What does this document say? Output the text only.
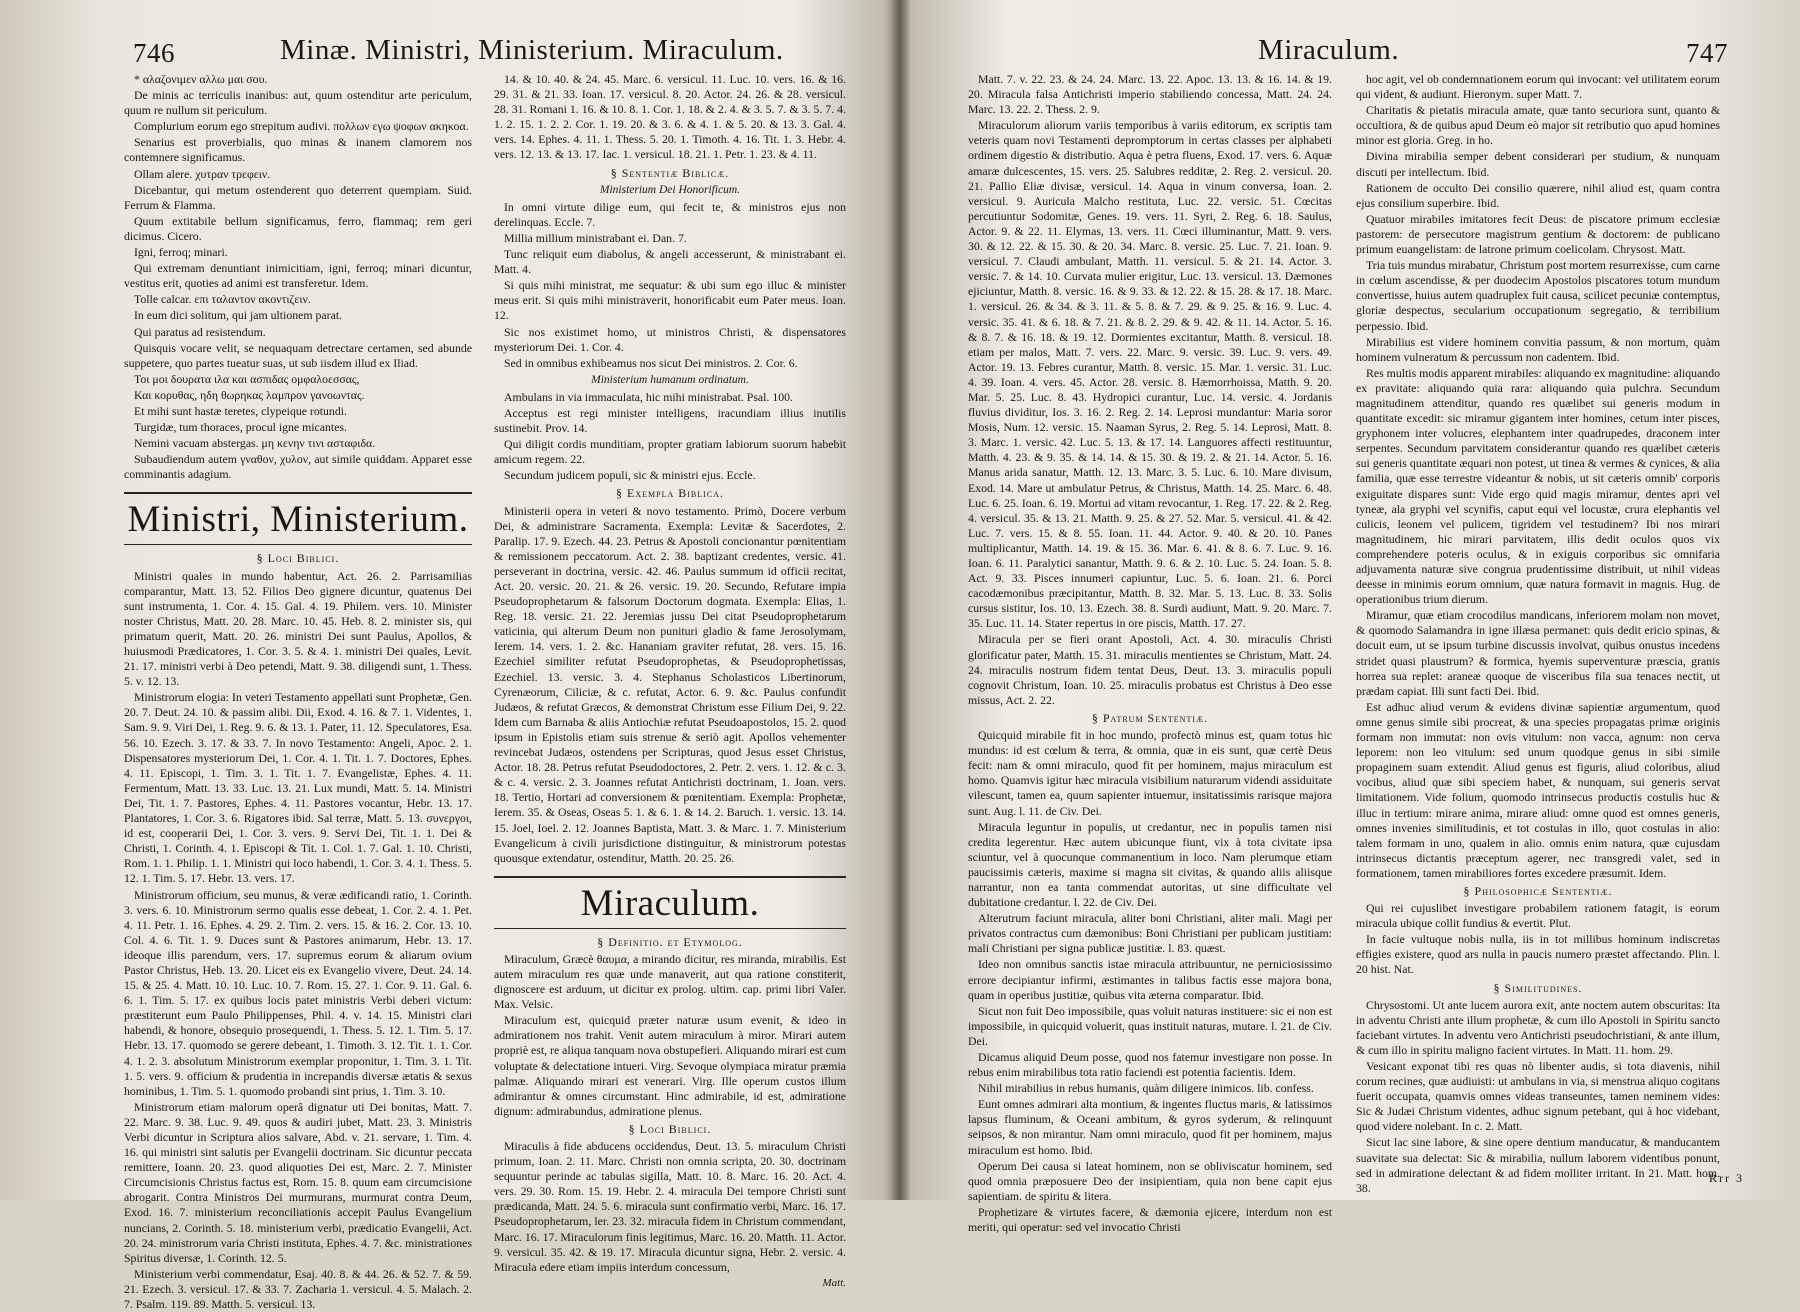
746	Minæ. Ministri, Ministerium. Miraculum.

* αλαζονιμεν αλλω μαι σου.

De minis ac terriculis inanibus: aut, quum ostenditur arte periculum, quum re nullum sit periculum.

Complurium eorum ego strepitum audivi. πολλων εγω ψοφων ακηκοα.

Senarius est proverbialis, quo minas & inanem clamorem nos contemnere significamus.

Ollam alere. χυτραν τρεφειν.

Dicebantur, qui metum ostenderent quo deterrent quempiam. Suid. Ferrum & Flamma.

Quum extitabile bellum significamus, ferro, flammaq; rem geri dicimus. Cicero.

Igni, ferroq; minari.

Qui extremam denuntiant inimicitiam, igni, ferroq; minari dicuntur, vestitus erit, quoties ad animi est transferetur. Idem.

Tolle calcar. επι ταλαντον ακοντιζειν.

In eum dici solitum, qui jam ultionem parat.

Qui paratus ad resistendum.

Quisquis vocare velit, se nequaquam detrectare certamen, sed abunde suppetere, quo partes tueatur suas, ut sub iisdem illud ex Iliad.

Τοι μοι δουρατα ιλα και ασπιδας ομφαλοεσσας,

Και κορυθας, ηδη θωρηκας λαμπρον γανοωντας.

Et mihi sunt hastæ teretes, clypeique rotundi.

Turgidæ, tum thoraces, procul igne micantes.

Nemini vacuam abstergas. μη κενην τινι ασταφιδα.

Subaudiendum autem γναθον, χυλον, aut simile quiddam. Apparet esse comminantis adagium.

Ministri, Ministerium.
§ Loci Biblici.

Ministri quales in mundo habentur, Act. 26. 2. Parrisamilias comparantur, Matt. 13. 52. Filios Deo gignere dicuntur, quatenus Dei sunt instrumenta, 1. Cor. 4. 15. Gal. 4. 19. Philem. vers. 10. Minister noster Christus, Matt. 20. 28. Marc. 10. 45. Heb. 8. 2. minister sis, qui primatum querit, Matt. 20. 26. ministri Dei sunt Paulus, Apollos, & huiusmodi Prædicatores, 1. Cor. 3. 5. & 4. 1. ministri Dei quales, Levit. 21. 17. ministri verbi à Deo petendi, Matt. 9. 38. diligendi sunt, 1. Thess. 5. v. 12. 13.

Ministrorum elogia: In veteri Testamento appellati sunt Prophetæ, Gen. 20. 7. Deut. 24. 10. & passim alibi. Dii, Exod. 4. 16. & 7. 1. Videntes, 1. Sam. 9. 9. Viri Dei, 1. Reg. 9. 6. & 13. 1. Pater, 11. 12. Speculatores, Esa. 56. 10. Ezech. 3. 17. & 33. 7. In novo Testamento: Angeli, Apoc. 2. 1. Dispensatores mysteriorum Dei, 1. Cor. 4. 1. Tit. 1. 7. Doctores, Ephes. 4. 11. Episcopi, 1. Tim. 3. 1. Tit. 1. 7. Evangelistæ, Ephes. 4. 11. Fermentum, Matt. 13. 33. Luc. 13. 21. Lux mundi, Matt. 5. 14. Ministri Dei, Tit. 1. 7. Pastores, Ephes. 4. 11. Pastores vocantur, Hebr. 13. 17. Plantatores, 1. Cor. 3. 6. Rigatores ibid. Sal terræ, Matt. 5. 13. συνεργοι, id est, cooperarii Dei, 1. Cor. 3. vers. 9. Servi Dei, Tit. 1. 1. Dei & Christi, 1. Corinth. 4. 1. Episcopi & Tit. 1. Col. 1. 7. Gal. 1. 10. Christi, Rom. 1. 1. Philip. 1. 1. Ministri qui loco habendi, 1. Cor. 3. 4. 1. Thess. 5. 12. 1. Tim. 5. 17. Hebr. 13. vers. 17.

Ministrorum officium, seu munus, & veræ ædificandi ratio, 1. Corinth. 3. vers. 6. 10. Ministrorum sermo qualis esse debeat, 1. Cor. 2. 4. 1. Pet. 4. 11. Petr. 1. 16. Ephes. 4. 29. 2. Tim. 2. vers. 15. & 16. 2. Cor. 13. 10. Col. 4. 6. Tit. 1. 9. Duces sunt & Pastores animarum, Hebr. 13. 17. ideoque illis parendum, vers. 17. supremus eorum & aliarum ovium Pastor Christus, Heb. 13. 20. Licet eis ex Evangelio vivere, Deut. 24. 14. 15. & 25. 4. Matt. 10. 10. Luc. 10. 7. Rom. 15. 27. 1. Cor. 9. 11. Gal. 6. 6. 1. Tim. 5. 17. ex quibus locis patet ministris Verbi deberi victum: præstiterunt eum Paulo Philippenses, Phil. 4. v. 14. 15. Ministri clari habendi, & honore, obsequio prosequendi, 1. Thess. 5. 12. 1. Tim. 5. 17. Hebr. 13. 17. quomodo se gerere debeant, 1. Timoth. 3. 12. Tit. 1. 1. Cor. 4. 1. 2. 3. absolutum Ministrorum exemplar proponitur, 1. Tim. 3. 1. Tit. 1. 5. vers. 9. officium & prudentia in increpandis diversæ ætatis & sexus hominibus, 1. Tim. 5. 1. quomodo probandi sint prius, 1. Tim. 3. 10.

Ministrorum etiam malorum operâ dignatur uti Dei bonitas, Matt. 7. 22. Marc. 9. 38. Luc. 9. 49. quos & audiri jubet, Matt. 23. 3. Ministris Verbi dicuntur in Scriptura alios salvare, Abd. v. 21. servare, 1. Tim. 4. 16. qui ministri sint salutis per Evangelii doctrinam. Sic dicuntur peccata remittere, Ioann. 20. 23. quod aliquoties Dei est, Marc. 2. 7. Minister Circumcisionis Christus factus est, Rom. 15. 8. quum eam circumcisione abrogarit. Contra Ministros Dei murmurans, murmurat contra Deum, Exod. 16. 7. ministerium reconciliationis accepit Paulus Evangelium nuncians, 2. Corinth. 5. 18. ministerium verbi, prædicatio Evangelii, Act. 20. 24. ministrorum varia Christi instituta, Ephes. 4. 7. &c. ministrationes Spiritus diversæ, 1. Corinth. 12. 5.

Ministerium verbi commendatur, Esaj. 40. 8. & 44. 26. & 52. 7. & 59. 21. Ezech. 3. versicul. 17. & 33. 7. Zacharia 1. versicul. 4. 5. Malach. 2. 7. Psalm. 119. 89. Matth. 5. versicul. 13.

14. & 10. 40. & 24. 45. Marc. 6. versicul. 11. Luc. 10. vers. 16. & 16. 29. 31. & 21. 33. Ioan. 17. versicul. 8. 20. Actor. 24. 26. & 28. versicul. 28. 31. Romani 1. 16. & 10. 8. 1. Cor. 1. 18. & 2. 4. & 3. 5. 7. & 3. 5. 7. 4. 1. 2. 15. 1. 2. 2. Cor. 1. 19. 20. & 3. 6. & 4. 1. & 5. 20. & 13. 3. Gal. 4. vers. 14. Ephes. 4. 11. 1. Thess. 5. 20. 1. Timoth. 4. 16. Tit. 1. 3. Hebr. 4. vers. 12. 13. & 13. 17. Iac. 1. versicul. 18. 21. 1. Petr. 1. 23. & 4. 11.

§ Sententiæ Biblicæ.
Ministerium Dei Honorificum.

In omni virtute dilige eum, qui fecit te, & ministros ejus non derelinquas. Eccle. 7.

Millia millium ministrabant ei. Dan. 7.

Tunc reliquit eum diabolus, & angeli accesserunt, & ministrabant ei. Matt. 4.

Si quis mihi ministrat, me sequatur: & ubi sum ego illuc & minister meus erit. Si quis mihi ministraverit, honorificabit eum Pater meus. Ioan. 12.

Sic nos existimet homo, ut ministros Christi, & dispensatores mysteriorum Dei. 1. Cor. 4.

Sed in omnibus exhibeamus nos sicut Dei ministros. 2. Cor. 6.

Ministerium humanum ordinatum.

Ambulans in via immaculata, hic mihi ministrabat. Psal. 100.

Acceptus est regi minister intelligens, iracundiam illius inutilis sustinebit. Prov. 14.

Qui diligit cordis munditiam, propter gratiam labiorum suorum habebit amicum regem. 22.

Secundum judicem populi, sic & ministri ejus. Eccle.

§ Exempla Biblica.

Ministerii opera in veteri & novo testamento. Primò, Docere verbum Dei, & administrare Sacramenta. Exempla: Levitæ & Sacerdotes, 2. Paralip. 17. 9. Ezech. 44. 23. Petrus & Apostoli concionantur pœnitentiam & remissionem peccatorum. Act. 2. 38. baptizant credentes, versic. 41. perseverant in doctrina, versic. 42. 46. Paulus summum id officii recitat, Act. 20. versic. 20. 21. & 26. versic. 19. 20. Secundo, Refutare impia Pseudoprophetarum & falsorum Doctorum dogmata. Exempla: Elias, 1. Reg. 18. versic. 21. 22. Jeremias jussu Dei citat Pseudoprophetarum vaticinia, qui alterum Deum non punituri gladio & fame Jerosolymam, Ierem. 14. vers. 1. 2. &c. Hananiam graviter refutat, 28. vers. 15. 16. Ezechiel similiter refutat Pseudoprophetas, & Pseudoprophetissas, Ezechiel. 13. versic. 3. 4. Stephanus Scholasticos Libertinorum, Cyrenæorum, Ciliciæ, & c. refutat, Actor. 6. 9. &c. Paulus confundit Judæos, & refutat Græcos, & demonstrat Christum esse Filium Dei, 9. 22. Idem cum Barnaba & aliis Antiochiæ refutat Pseudoapostolos, 15. 2. quod ipsum in Epistolis etiam suis strenue & seriò agit. Apollos vehementer revincebat Judæos, ostendens per Scripturas, quod Jesus esset Christus, Actor. 18. 28. Petrus refutat Pseudodoctores, 2. Petr. 2. vers. 1. 12. & c. 3. & c. 4. versic. 2. 3. Joannes refutat Antichristi doctrinam, 1. Joan. vers. 18. Tertio, Hortari ad conversionem & pœnitentiam. Exempla: Prophetæ, Ierem. 35. & Oseas, Oseas 5. 1. & 6. 1. & 14. 2. Baruch. 1. versic. 13. 14. 15. Joel, Ioel. 2. 12. Joannes Baptista, Matt. 3. & Marc. 1. 7. Ministerium Evangelicum à civili jurisdictione distinguitur, & ministrorum potestas quousque extendatur, ostenditur, Matth. 20. 25. 26.

Miraculum.
§ Definitio. et Etymolog.

Miraculum, Græcè θαυμα, a mirando dicitur, res miranda, mirabilis. Est autem miraculum res quæ unde manaverit, aut qua ratione constiterit, dignoscere est arduum, ut dicitur ex prolog. ultim. cap. primi libri Valer. Max. Velsic.

Miraculum est, quicquid præter naturæ usum evenit, & ideo in admirationem nos trahit. Venit autem miraculum à miror. Mirari autem propriè est, re aliqua tanquam nova obstupefieri. Aliquando mirari est cum voluptate & delectatione intueri. Virg. Sevoque olympiaca miratur præmia palmæ. Aliquando mirari est venerari. Virg. Ille operum custos illum admirantur & omnes circumstant. Hinc admirabile, id est, admiratione dignum: admirabundus, admiratione plenus.

§ Loci Biblici.

Miraculis à fide abducens occidendus, Deut. 13. 5. miraculum Christi primum, Ioan. 2. 11. Marc. Christi non omnia scripta, 20. 30. doctrinam sequuntur perinde ac tabulas sigilla, Matt. 10. 8. Marc. 16. 20. Act. 4. vers. 29. 30. Rom. 15. 19. Hebr. 2. 4. miracula Dei tempore Christi sunt prædicanda, Matt. 24. 5. 6. miracula sunt confirmatio verbi, Marc. 16. 17. Pseudoprophetarum, ler. 23. 32. miracula fidem in Christum commendant, Marc. 16. 17. Miraculorum finis legitimus, Marc. 16. 20. Matth. 11. Actor. 9. versicul. 35. 42. & 19. 17. Miracula dicuntur signa, Hebr. 2. versic. 4. Miracula edere etiam impiis interdum concessum,

Matt.
Miraculum.	747

Matt. 7. v. 22. 23. & 24. 24. Marc. 13. 22. Apoc. 13. 13. & 16. 14. & 19. 20. Miracula falsa Antichristi imperio stabiliendo concessa, Matt. 24. 24. Marc. 13. 22. 2. Thess. 2. 9.

Miraculorum aliorum variis temporibus à variis editorum, ex scriptis tam veteris quam novi Testamenti depromptorum in certas classes per alphabeti ordinem digestio & distributio. Aqua è petra fluens, Exod. 17. vers. 6. Aquæ amaræ dulcescentes, 15. vers. 25. Salubres redditæ, 2. Reg. 2. versicul. 20. 21. Pallio Eliæ divisæ, versicul. 14. Aqua in vinum conversa, Ioan. 2. versicul. 9. Auricula Malcho restituta, Luc. 22. versic. 51. Cœcitas percutiuntur Sodomitæ, Genes. 19. vers. 11. Syri, 2. Reg. 6. 18. Saulus, Actor. 9. & 22. 11. Elymas, 13. vers. 11. Cœci illuminantur, Matt. 9. vers. 30. & 12. 22. & 15. 30. & 20. 34. Marc. 8. versic. 25. Luc. 7. 21. Ioan. 9. versicul. 7. Claudi ambulant, Matth. 11. versicul. 5. & 21. 14. Actor. 3. versic. 7. & 14. 10. Curvata mulier erigitur, Luc. 13. versicul. 13. Dæmones ejiciuntur, Matth. 8. versic. 16. & 9. 33. & 12. 22. & 15. 28. & 17. 18. Marc. 1. versicul. 26. & 34. & 3. 11. & 5. 8. & 7. 29. & 9. 25. & 16. 9. Luc. 4. versic. 35. 41. & 6. 18. & 7. 21. & 8. 2. 29. & 9. 42. & 11. 14. Actor. 5. 16. & 8. 7. & 16. 18. & 19. 12. Dormientes excitantur, Matth. 8. versicul. 18. etiam per malos, Matt. 7. vers. 22. Marc. 9. versic. 39. Luc. 9. vers. 49. Actor. 19. 13. Febres curantur, Matth. 8. versic. 15. Mar. 1. versic. 31. Luc. 4. 39. Ioan. 4. vers. 45. Actor. 28. versic. 8. Hæmorrhoissa, Matth. 9. 20. Mar. 5. 25. Luc. 8. 43. Hydropici curantur, Luc. 14. versic. 4. Jordanis fluvius dividitur, Ios. 3. 16. 2. Reg. 2. 14. Leprosi mundantur: Maria soror Mosis, Num. 12. versic. 15. Naaman Syrus, 2. Reg. 5. 14. Leprosi, Matt. 8. 3. Marc. 1. versic. 42. Luc. 5. 13. & 17. 14. Languores affecti restituuntur, Matth. 4. 23. & 9. 35. & 14. 14. & 15. 30. & 19. 2. & 21. 14. Actor. 5. 16. Manus arida sanatur, Matth. 12. 13. Marc. 3. 5. Luc. 6. 10. Mare divisum, Exod. 14. Mare ut ambulatur Petrus, & Christus, Matth. 14. 25. Marc. 6. 48. Luc. 6. 25. Ioan. 6. 19. Mortui ad vitam revocantur, 1. Reg. 17. 22. & 2. Reg. 4. versicul. 35. & 13. 21. Matth. 9. 25. & 27. 52. Mar. 5. versicul. 41. & 42. Luc. 7. vers. 15. & 8. 55. Ioan. 11. 44. Actor. 9. 40. & 20. 10. Panes multiplicantur, Matth. 14. 19. & 15. 36. Mar. 6. 41. & 8. 6. 7. Luc. 9. 16. Ioan. 6. 11. Paralytici sanantur, Matth. 9. 6. & 2. 10. Luc. 5. 24. Ioan. 5. 8. Act. 9. 33. Pisces innumeri capiuntur, Luc. 5. 6. Ioan. 21. 6. Porci cacodæmonibus præcipitantur, Matth. 8. 32. Mar. 5. 13. Luc. 8. 33. Solis cursus sistitur, Ios. 10. 13. Ezech. 38. 8. Surdi audiunt, Matt. 9. 20. Marc. 7. 35. Luc. 11. 14. Stater repertus in ore piscis, Matth. 17. 27.

Miracula per se fieri orant Apostoli, Act. 4. 30. miraculis Christi glorificatur pater, Matth. 15. 31. miraculis mentientes se Christum, Matt. 24. 24. miraculis nostrum fidem tentat Deus, Deut. 13. 3. miraculis populi cognovit Christum, Ioan. 10. 25. miraculis probatus est Christus à Deo esse missus, Act. 2. 22.

§ Patrum Sententiæ.

Quicquid mirabile fit in hoc mundo, profectò minus est, quam totus hic mundus: id est cœlum & terra, & omnia, quæ in eis sunt, quæ certè Deus fecit: nam & omni miraculo, quod fit per hominem, majus miraculum est homo. Quamvis igitur hæc miracula visibilium naturarum videndi assiduitate vilescunt, tamen ea, quum sapienter intuemur, insitatissimis rarisque majora sunt. Aug. l. 11. de Civ. Dei.

Miracula leguntur in populis, ut credantur, nec in populis tamen nisi credita legerentur. Hæc autem ubicunque fiunt, vix à tota civitate ipsa sciuntur, vel à quocunque commanentium in loco. Nam plerumque etiam paucissimis cæteris, maxime si magna sit civitas, & quando aliis aliisque narrantur, non ea tanta commendat autoritas, ut sine difficultate vel dubitatione credantur. l. 22. de Civ. Dei.

Alterutrum faciunt miracula, aliter boni Christiani, aliter mali. Magi per privatos contractus cum dæmonibus: Boni Christiani per publicam justitiam: mali Christiani per signa publicæ justitiæ. l. 83. quæst.

Ideo non omnibus sanctis istae miracula attribuuntur, ne perniciosissimo errore decipiantur infirmi, æstimantes in talibus factis esse majora bona, quam in operibus justitiæ, quibus vita æterna comparatur. Ibid.

Sicut non fuit Deo impossibile, quas voluit naturas instituere: sic ei non est impossibile, in quicquid voluerit, quas instituit naturas, mutare. l. 21. de Civ. Dei.

Dicamus aliquid Deum posse, quod nos fatemur investigare non posse. In rebus enim mirabilibus tota ratio faciendi est potentia facientis. Idem.

Nihil mirabilius in rebus humanis, quàm diligere inimicos. lib. confess.

Eunt omnes admirari alta montium, & ingentes fluctus maris, & latissimos lapsus fluminum, & Oceani ambitum, & gyros syderum, & relinquunt seipsos, & non mirantur. Nam omni miraculo, quod fit per hominem, majus miraculum est homo. Ibid.

Operum Dei causa si lateat hominem, non se obliviscatur hominem, sed quod omnia præposuere Deo der insipientiam, quia non bene capit ejus sapientiam. de spiritu & litera.

Prophetizare & virtutes facere, & dæmonia ejicere, interdum non est meriti, qui operatur: sed vel invocatio Christi

hoc agit, vel ob condemnationem eorum qui invocant: vel utilitatem eorum qui vident, & audiunt. Hieronym. super Matt. 7.

Charitatis & pietatis miracula amate, quæ tanto securiora sunt, quanto & occultiora, & de quibus apud Deum eò major sit retributio quo apud homines minor est gloria. Greg. in ho.

Divina mirabilia semper debent considerari per studium, & nunquam discuti per intellectum. Ibid.

Rationem de occulto Dei consilio quærere, nihil aliud est, quam contra ejus consilium superbire. Ibid.

Quatuor mirabiles imitatores fecit Deus: de piscatore primum ecclesiæ pastorem: de persecutore magistrum gentium & doctorem: de publicano primum euangelistam: de latrone primum coelicolam. Chrysost. Matt.

Tria tuis mundus mirabatur, Christum post mortem resurrexisse, cum carne in cœlum ascendisse, & per duodecim Apostolos piscatores totum mundum convertisse, huius autem quadruplex fuit causa, scilicet pecuniæ contemptus, gloriæ despectus, secularium occupationum segregatio, & terribilium perpessio. Ibid.

Mirabilius est videre hominem convitia passum, & non mortum, quàm hominem vulneratum & percussum non cadentem. Ibid.

Res multis modis apparent mirabiles: aliquando ex magnitudine: aliquando ex pravitate: aliquando quia rara: aliquando quia pulchra. Secundum magnitudinem attenditur, quando res quælibet sui generis modum in quantitate excedit: sic miramur gigantem inter homines, cetum inter pisces, gryphonem inter volucres, elephantem inter quadrupedes, draconem inter serpentes. Secundum parvitatem considerantur quando res quælibet cæteris sui generis quantitate æquari non potest, ut tinea & vermes & cynices, & alia familia, quæ esse terrestre videantur & nobis, ut sit cæteris omnib' corporis exiguitate dispares sunt: Vide ergo quid magis miramur, dentes apri vel tyneæ, ala gryphi vel scynifis, caput equi vel locustæ, crura elephantis vel culicis, leonem vel pulicem, tigridem vel testudinem? Ibi nos mirari magnitudinem, hic mirari parvitatem, illis dedit oculos quos vix comprehendere poteris oculus, & in exiguis corporibus sic omnifaria adjuvamenta naturæ sive congrua prudentissime distribuit, ut nihil videas deesse in minimis eorum omnium, quæ natura formavit in magnis. Hug. de operationibus trium dierum.

Miramur, quæ etiam crocodilus mandicans, inferiorem molam non movet, & quomodo Salamandra in igne illæsa permanet: quis dedit ericio spinas, & docuit eum, ut se ipsum turbine discussis involvat, quibus onustus incedens stridet quasi plaustrum? & formica, hyemis superventuræ præscia, granis horrea sua replet: araneæ quoque de visceribus fila sua tenaces nectit, ut prædam capiat. Illi sunt facti Dei. Ibid.

Est adhuc aliud verum & evidens divinæ sapientiæ argumentum, quod omne genus simile sibi procreat, & una species propagatas primæ originis formam non immutat: non ovis vitulum: non vacca, agnum: non cerva leporem: non leo vitulum: sed unum quodque genus in sibi simile propaginem suam extendit. Aliud genus est figuris, aliud coloribus, aliud vocibus, aliud quæ sibi speciem habet, & nunquam, sui generis servat limitationem. Vide folium, quomodo intrinsecus productis costulis huc & illuc in tertium: mirare anima, mirare aliud: omne quod est omnes generis, omnes invenies similitudinis, et tot costulas in illo, quot costulas in alio: talem formam in uno, qualem in alio. omnis enim natura, quæ cujusdam intrinsecus dictantis præceptum agerer, nec transgredi valet, sed in formationem, tamen mirabiliores fortes excedere præsumit. Idem.

§ Philosophicæ Sententiæ.

Qui rei cujuslibet investigare probabilem rationem fatagit, is eorum miracula ubique collit fundius & evertit. Plut.

In facie vultuque nobis nulla, iis in tot millibus hominum indiscretas effigies existere, quod ars nulla in paucis numero præstet affectando. Plin. l. 20 hist. Nat.

§ Similitudines.

Chrysostomi. Ut ante lucem aurora exit, ante noctem autem obscuritas: Ita in adventu Christi ante illum prophetæ, & cum illo Apostoli in Spiritu sancto faciebant virtutes. In adventu vero Antichristi pseudochristiani, & ante illum, & cum illo in spiritu maligno facient virtutes. In Matt. 11. hom. 29.

Vesicant exponat tibi res quas nò libenter audis, si tota diavenis, nihil corum recines, quæ audiuisti: ut ambulans in via, si menstrua aliquo cogitans fuerit occupata, quamvis omnes videas transeuntes, tamen neminem vides: Sic & Judæi Christum videntes, adhuc signum petebant, qui à hoc videbant, quod videre nolebant. In c. 2. Matt.

Sicut lac sine labore, & sine opere dentium manducatur, & manducantem suavitate sua delectat: Sic & mirabilia, nullum laborem videntibus ponunt, sed in admiratione delectant & ad fidem molliter irritant. In 21. Matt. hom. 38.

Rrr 3
